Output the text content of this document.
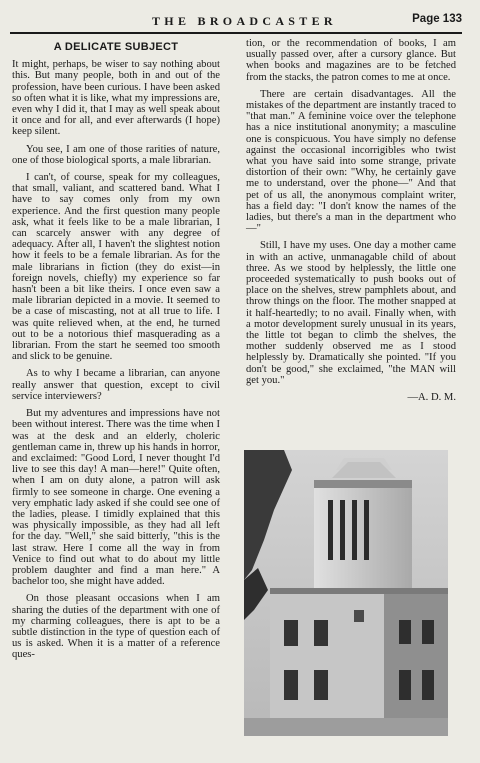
THE BROADCASTER	Page 133
A DELICATE SUBJECT

It might, perhaps, be wiser to say nothing about this. But many people, both in and out of the profession, have been curious. I have been asked so often what it is like, what my impressions are, even why I did it, that I may as well speak about it once and for all, and ever afterwards (I hope) keep silent.

You see, I am one of those rarities of nature, one of those biological sports, a male librarian.

I can't, of course, speak for my colleagues, that small, valiant, and scattered band. What I have to say comes only from my own experience. And the first question many people ask, what it feels like to be a male librarian, I can scarcely answer with any degree of adequacy. After all, I haven't the slightest notion how it feels to be a female librarian. As for the male librarians in fiction (they do exist—in foreign novels, chiefly) my experience so far hasn't been a bit like theirs. I once even saw a male librarian depicted in a movie. It seemed to be a case of miscasting, not at all true to life. I was quite relieved when, at the end, he turned out to be a notorious thief masquerading as a librarian. From the start he seemed too smooth and slick to be genuine.

As to why I became a librarian, can anyone really answer that question, except to civil service interviewers?

But my adventures and impressions have not been without interest. There was the time when I was at the desk and an elderly, choleric gentleman came in, threw up his hands in horror, and exclaimed: "Good Lord, I never thought I'd live to see this day! A man—here!" Quite often, when I am on duty alone, a patron will ask firmly to see someone in charge. One evening a very emphatic lady asked if she could see one of the ladies, please. I timidly explained that this was physically impossible, as they had all left for the day. "Well," she said bitterly, "this is the last straw. Here I come all the way in from Venice to find out what to do about my little problem daughter and find a man here." A bachelor too, she might have added.

On those pleasant occasions when I am sharing the duties of the department with one of my charming colleagues, there is apt to be a subtle distinction in the type of question each of us is asked. When it is a matter of a reference ques-

tion, or the recommendation of books, I am usually passed over, after a cursory glance. But when books and magazines are to be fetched from the stacks, the patron comes to me at once.

There are certain disadvantages. All the mistakes of the department are instantly traced to "that man." A feminine voice over the telephone has a nice institutional anonymity; a masculine one is conspicuous. You have simply no defense against the occasional incorrigibles who twist what you have said into some strange, private distortion of their own: "Why, he certainly gave me to understand, over the phone—" And that pet of us all, the anonymous complaint writer, has a field day: "I don't know the names of the ladies, but there's a man in the department who—"

Still, I have my uses. One day a mother came in with an active, unmanagable child of about three. As we stood by helplessly, the little one proceeded systematically to push books out of place on the shelves, strew pamphlets about, and throw things on the floor. The mother snapped at it half-heartedly; to no avail. Finally when, with a motor development surely unusual in its years, the little tot began to climb the shelves, the mother suddenly observed me as I stood helplessly by. Dramatically she pointed. "If you don't be good," she exclaimed, "the MAN will get you."

—A. D. M.
